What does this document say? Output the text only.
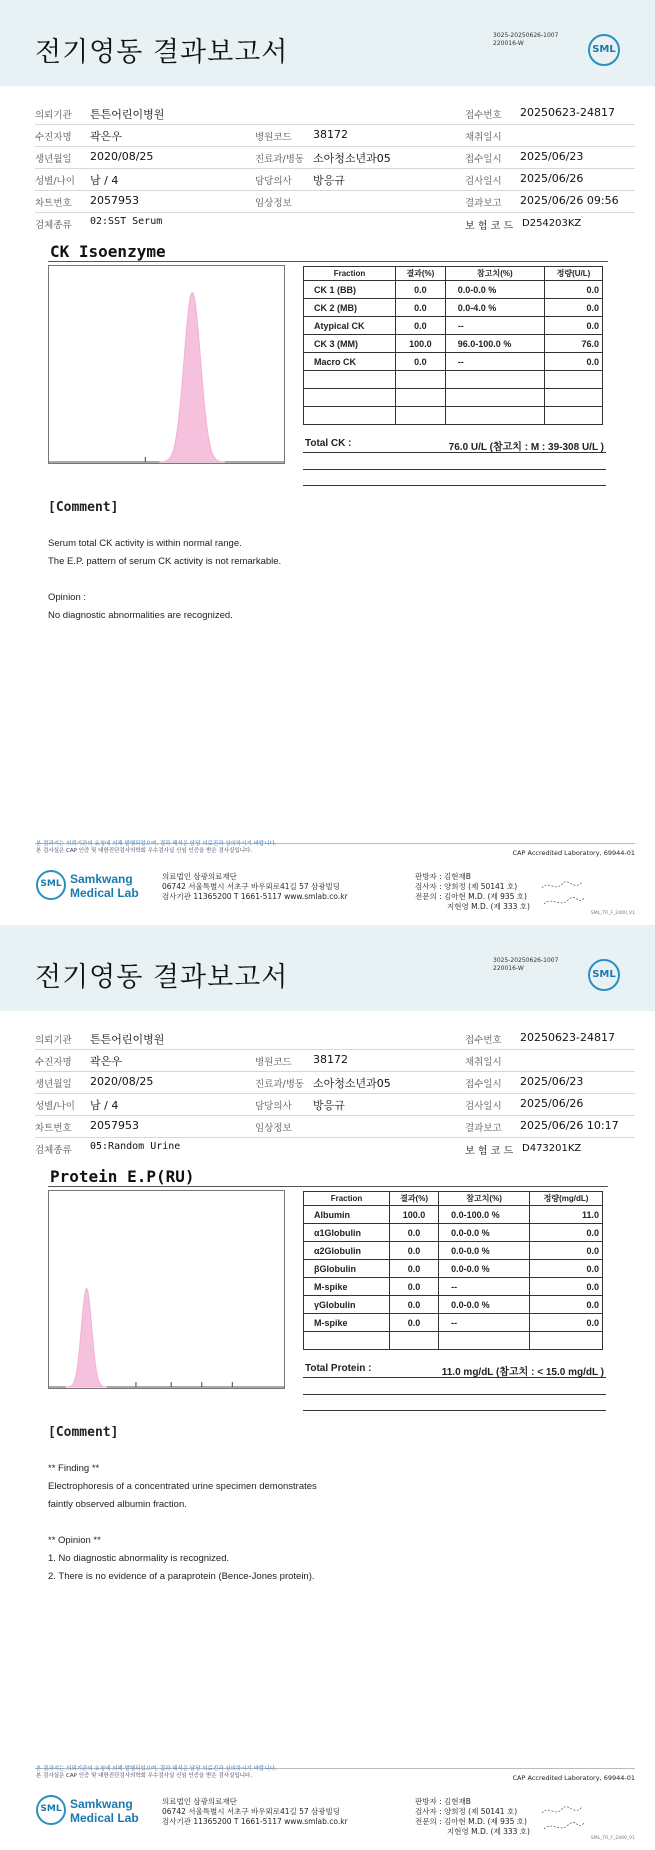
전기영동 결과보고서
3025-20250626-1007
220016-W
SML
의뢰기관 튼튼어린이병원	접수번호 20250623-24817
수진자명 곽은우	병원코드 38172	채취일시
생년월일 2020/08/25	진료과/병동 소아청소년과05	접수일시 2025/06/23
성별/나이 남 / 4	담당의사 방응규	검사일시 2025/06/26
차트번호 2057953	임상정보	결과보고 2025/06/26 09:56
검체종류 02:SST Serum	보 험 코 드 D254203KZ
CK Isoenzyme
Fraction	결과(%)	참고치(%)	정량(U/L)
CK 1 (BB)	0.0	0.0-0.0 %	0.0
CK 2 (MB)	0.0	0.0-4.0 %	0.0
Atypical CK	0.0	--	0.0
CK 3 (MM)	100.0	96.0-100.0 %	76.0
Macro CK	0.0	--	0.0

Total CK :	76.0 U/L (참고치 : M : 39-308 U/L )
[Comment]
Serum total CK activity is within normal range.
The E.P. pattern of serum CK activity is not remarkable.
Opinion :
No diagnostic abnormalities are recognized.
본 결과지는 의뢰기관의 요청에 의해 발행되었으며, 결과 해석은 담당 의료진과 상의하시기 바랍니다.
본 검사실은 CAP 인증 및 대한진단검사의학회 우수검사실 신임 인증을 받은 검사실입니다.	CAP Accredited Laboratory, 69944-01
SML Samkwang
Medical Lab
의료법인 삼광의료재단
06742 서울특별시 서초구 바우뫼로41길 57 삼광빌딩
검사기관 11365200 T 1661-5117 www.smlab.co.kr
판방자 : 김현재B
검사자 : 양희정 (제 50141 호)
전문의 : 김아현 M.D. (제 935 호)
지현영 M.D. (제 333 호)
SML_TR_F_2400_V1
전기영동 결과보고서
3025-20250626-1007
220016-W
SML
의뢰기관 튼튼어린이병원	접수번호 20250623-24817
수진자명 곽은우	병원코드 38172	채취일시
생년월일 2020/08/25	진료과/병동 소아청소년과05	접수일시 2025/06/23
성별/나이 남 / 4	담당의사 방응규	검사일시 2025/06/26
차트번호 2057953	임상정보	결과보고 2025/06/26 10:17
검체종류 05:Random Urine	보 험 코 드 D473201KZ
Protein E.P(RU)
Fraction	결과(%)	참고치(%)	정량(mg/dL)
Albumin	100.0	0.0-100.0 %	11.0
α1Globulin	0.0	0.0-0.0 %	0.0
α2Globulin	0.0	0.0-0.0 %	0.0
βGlobulin	0.0	0.0-0.0 %	0.0
M-spike	0.0	--	0.0
γGlobulin	0.0	0.0-0.0 %	0.0
M-spike	0.0	--	0.0

Total Protein :	11.0 mg/dL (참고치 : < 15.0 mg/dL )
[Comment]
** Finding **
Electrophoresis of a concentrated urine specimen demonstrates
faintly observed albumin fraction.
** Opinion **
1. No diagnostic abnormality is recognized.
2. There is no evidence of a paraprotein (Bence-Jones protein).
본 결과지는 의뢰기관의 요청에 의해 발행되었으며, 결과 해석은 담당 의료진과 상의하시기 바랍니다.
본 검사실은 CAP 인증 및 대한진단검사의학회 우수검사실 신임 인증을 받은 검사실입니다.	CAP Accredited Laboratory, 69944-01
SML Samkwang
Medical Lab
의료법인 삼광의료재단
06742 서울특별시 서초구 바우뫼로41길 57 삼광빌딩
검사기관 11365200 T 1661-5117 www.smlab.co.kr
판방자 : 김현재B
검사자 : 양희정 (제 50141 호)
전문의 : 김아현 M.D. (제 935 호)
지현영 M.D. (제 333 호)
SML_TR_F_2400_V1
